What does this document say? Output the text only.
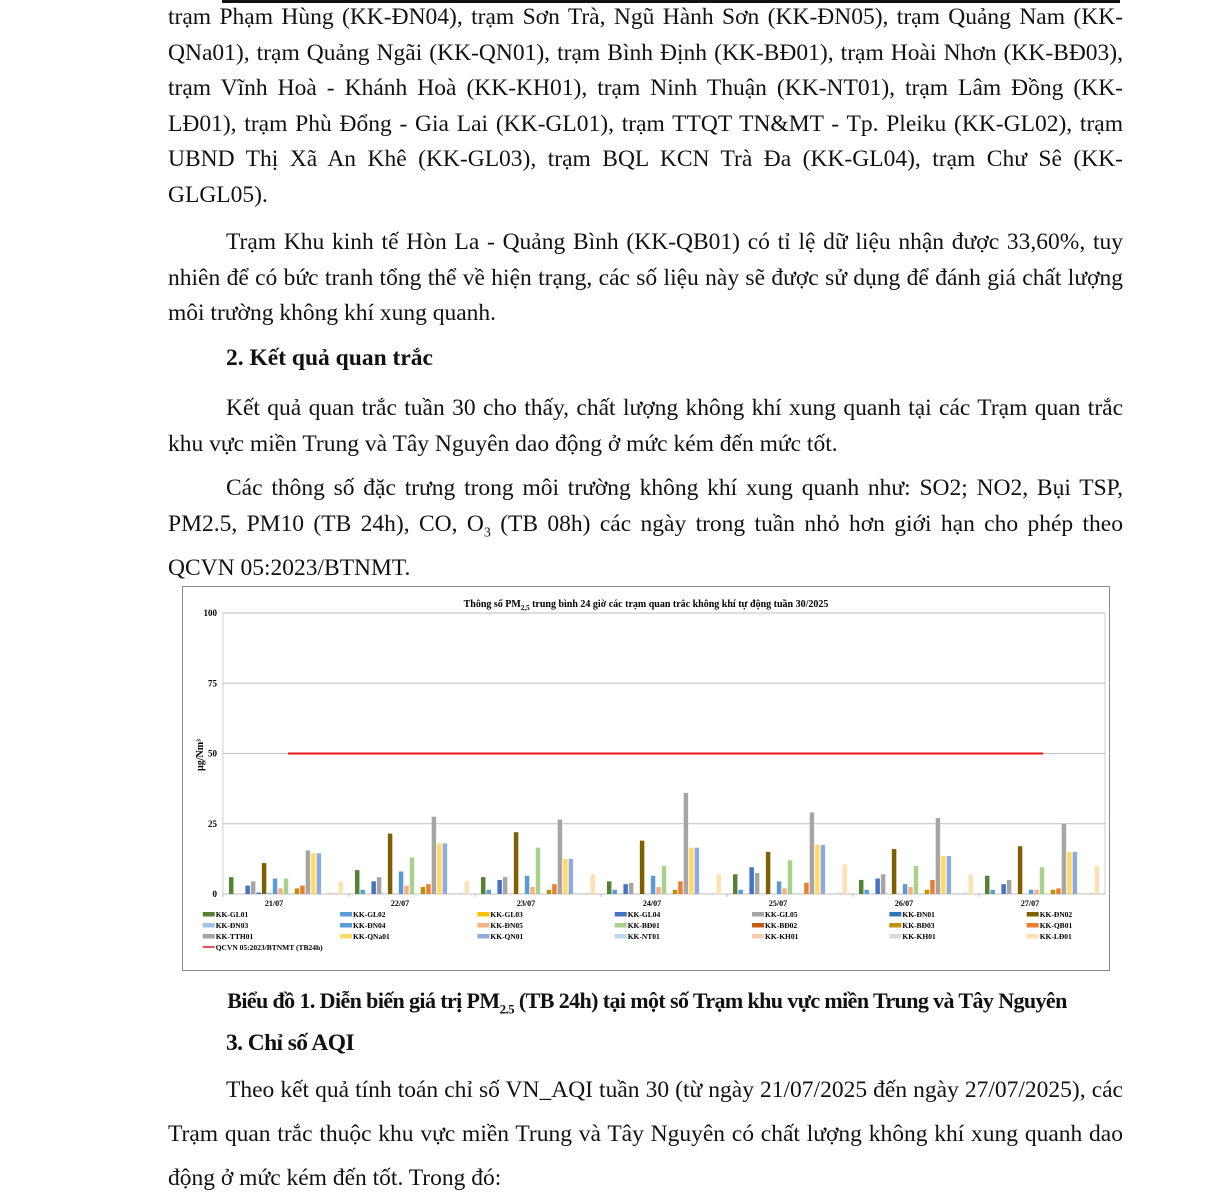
trạm Phạm Hùng (KK-ĐN04), trạm Sơn Trà, Ngũ Hành Sơn (KK-ĐN05), trạm Quảng Nam (KK-QNa01), trạm Quảng Ngãi (KK-QN01), trạm Bình Định (KK-BĐ01), trạm Hoài Nhơn (KK-BĐ03), trạm Vĩnh Hoà - Khánh Hoà (KK-KH01), trạm Ninh Thuận (KK-NT01), trạm Lâm Đồng (KK-LĐ01), trạm Phù Đổng - Gia Lai (KK-GL01), trạm TTQT TN&MT - Tp. Pleiku (KK-GL02), trạm UBND Thị Xã An Khê (KK-GL03), trạm BQL KCN Trà Đa (KK-GL04), trạm Chư Sê (KK-GLGL05).
Trạm Khu kinh tế Hòn La - Quảng Bình (KK-QB01) có tỉ lệ dữ liệu nhận được 33,60%, tuy nhiên để có bức tranh tổng thể về hiện trạng, các số liệu này sẽ được sử dụng để đánh giá chất lượng môi trường không khí xung quanh.
2. Kết quả quan trắc
Kết quả quan trắc tuần 30 cho thấy, chất lượng không khí xung quanh tại các Trạm quan trắc khu vực miền Trung và Tây Nguyên dao động ở mức kém đến mức tốt.
Các thông số đặc trưng trong môi trường không khí xung quanh như: SO2; NO2, Bụi TSP, PM2.5, PM10 (TB 24h), CO, $O_3$ (TB 08h) các ngày trong tuần nhỏ hơn giới hạn cho phép theo QCVN 05:2023/BTNMT.
Thông số $PM_{2,5}$ trung bình 24 giờ các trạm quan trắc không khí tự động tuần 30/2025
µg/Nm³
0
25
50
75
100
21/07	22/07	23/07	24/07	25/07	26/07	27/07
KK-GL01	KK-GL02	KK-GL03	KK-GL04	KK-GL05	KK-ĐN01	KK-ĐN02
KK-ĐN03	KK-ĐN04	KK-ĐN05	KK-BĐ01	KK-BĐ02	KK-BĐ03	KK-QB01
KK-TTH01	KK-QNa01	KK-QN01	KK-NT01	KK-KH01	KK-KH01	KK-LĐ01
QCVN 05:2023/BTNMT (TB24h)
Biểu đồ 1. Diễn biến giá trị $PM_{2.5}$ (TB 24h) tại một số Trạm khu vực miền Trung và Tây Nguyên
3. Chỉ số AQI
Theo kết quả tính toán chỉ số VN_AQI tuần 30 (từ ngày 21/07/2025 đến ngày 27/07/2025), các Trạm quan trắc thuộc khu vực miền Trung và Tây Nguyên có chất lượng không khí xung quanh dao động ở mức kém đến tốt. Trong đó:
